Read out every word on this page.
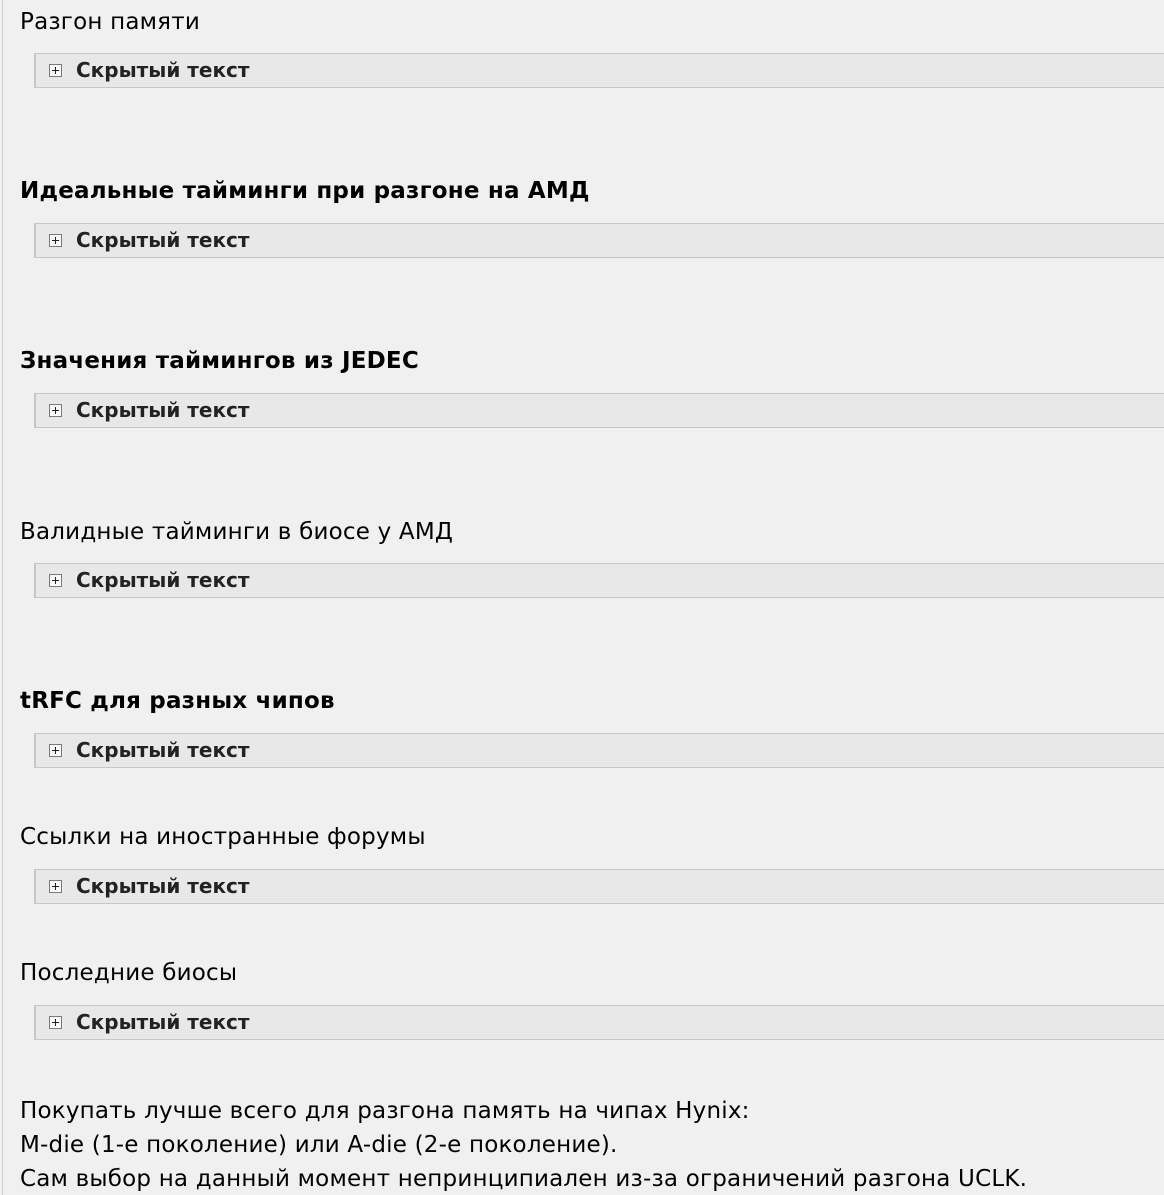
Разгон памяти
Скрытый текст
Идеальные тайминги при разгоне на АМД
Скрытый текст
Значения таймингов из JEDEC
Скрытый текст
Валидные тайминги в биосе у АМД
Скрытый текст
tRFC для разных чипов
Скрытый текст
Ссылки на иностранные форумы
Скрытый текст
Последние биосы
Скрытый текст
Покупать лучше всего для разгона память на чипах Hynix:
M-die (1-е поколение) или A-die (2-е поколение).
Сам выбор на данный момент непринципиален из-за ограничений разгона UCLK.
